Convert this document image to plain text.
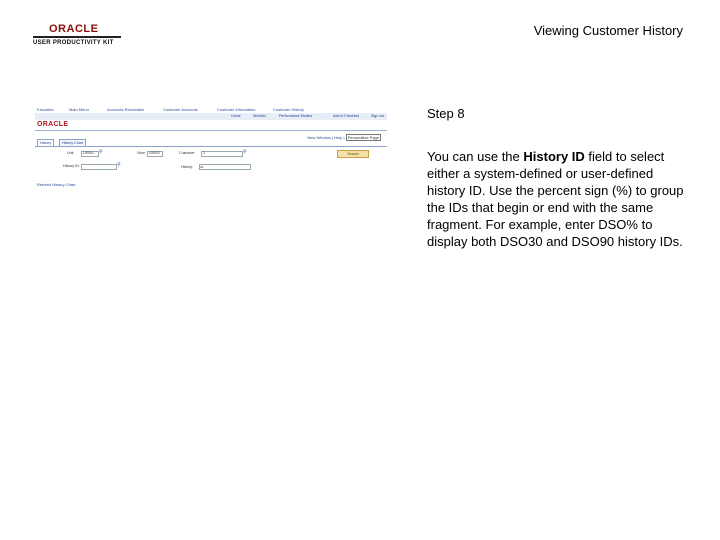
ORACLE
USER PRODUCTIVITY KIT
Viewing Customer History
Favorites	Main Menu	Accounts Receivable	Customer Accounts	Customer Information	Customer History
Home	Worklist	Performance Monitor	Add to Favorites	Sign out
ORACLE
New Window | Help | Personalize Page
History	History Chart
Unit: US001 ⚲	View: US001	Customer: 1	⚲	Search
History ID:	⚲	History:	All
Refresh History Chart
Step 8
You can use the History ID field to select either a system-defined or user-defined history ID. Use the percent sign (%) to group the IDs that begin or end with the same fragment. For example, enter DSO% to display both DSO30 and DSO90 history IDs.
